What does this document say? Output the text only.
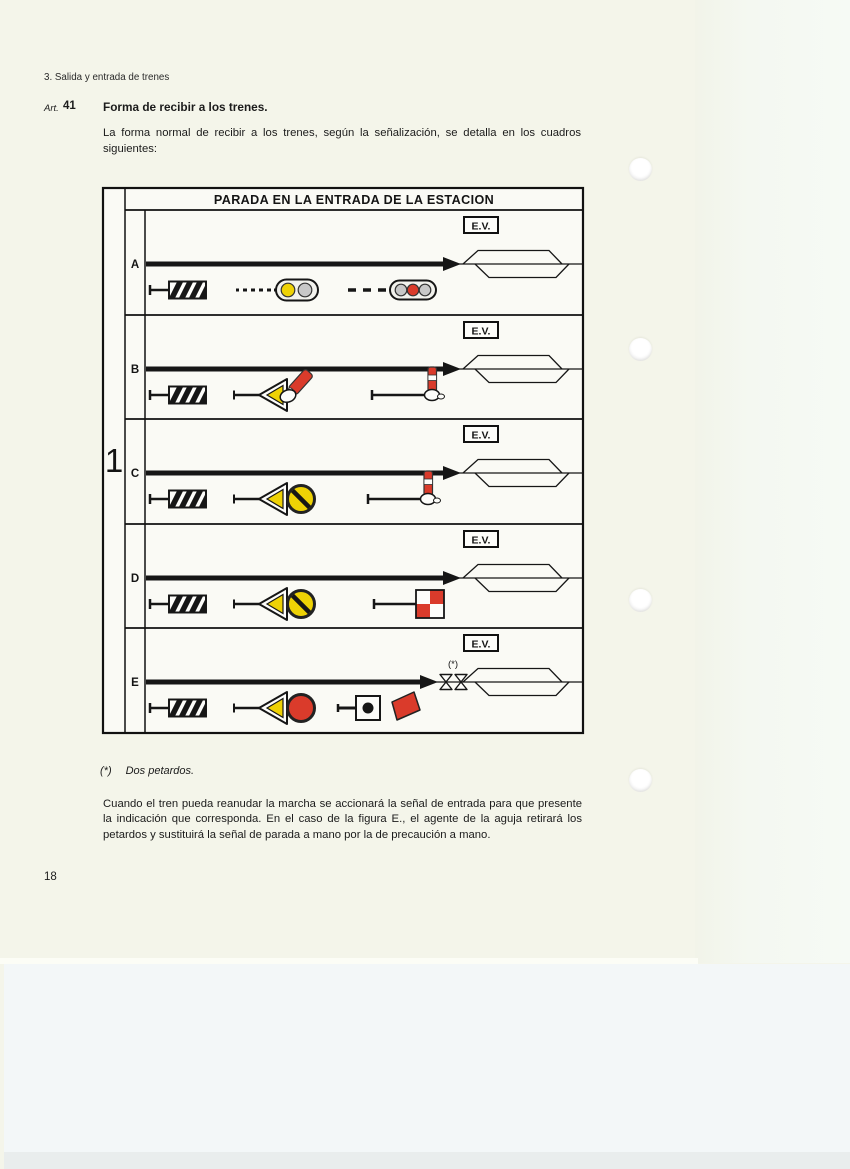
3. Salida y entrada de trenes
Art. 41 Forma de recibir a los trenes.
La forma normal de recibir a los trenes, según la señalización, se detalla en los cuadros siguientes:
PARADA EN LA ENTRADA DE LA ESTACION
1
A
E.V.
B
E.V.
C
E.V.
D
E.V.
E
E.V.
(*)
(*) Dos petardos.
Cuando el tren pueda reanudar la marcha se accionará la señal de entrada para que presente la indicación que corresponda. En el caso de la figura E., el agente de la aguja retirará los petardos y sustituirá la señal de parada a mano por la de precaución a mano.
18
